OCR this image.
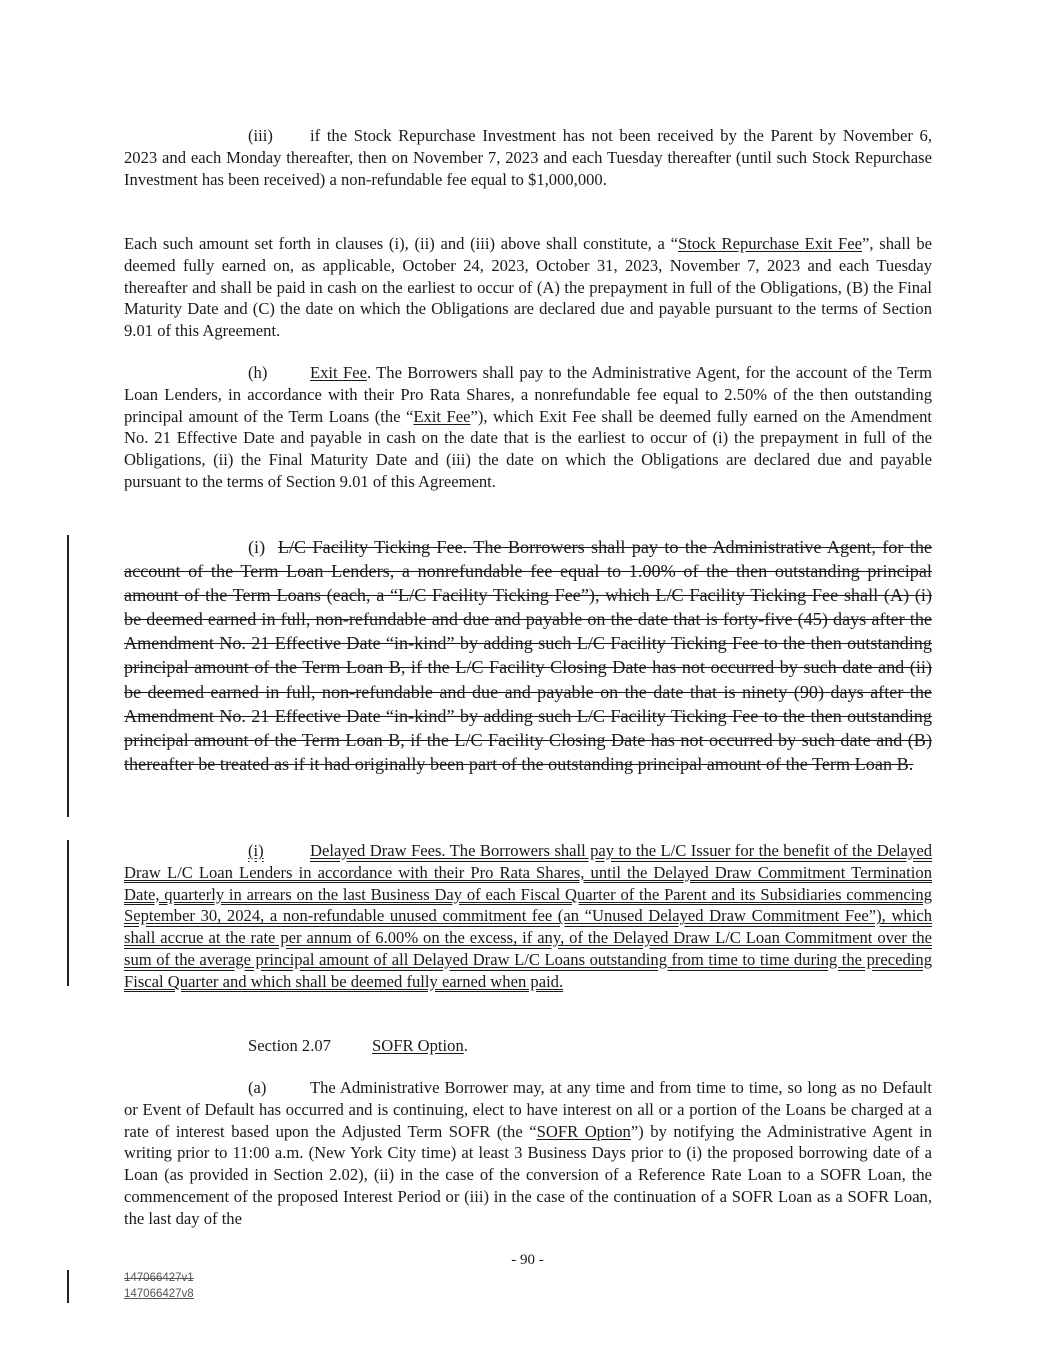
(iii) if the Stock Repurchase Investment has not been received by the Parent by November 6, 2023 and each Monday thereafter, then on November 7, 2023 and each Tuesday thereafter (until such Stock Repurchase Investment has been received) a non-refundable fee equal to $1,000,000.
Each such amount set forth in clauses (i), (ii) and (iii) above shall constitute, a “Stock Repurchase Exit Fee”, shall be deemed fully earned on, as applicable, October 24, 2023, October 31, 2023, November 7, 2023 and each Tuesday thereafter and shall be paid in cash on the earliest to occur of (A) the prepayment in full of the Obligations, (B) the Final Maturity Date and (C) the date on which the Obligations are declared due and payable pursuant to the terms of Section 9.01 of this Agreement.
(h)	Exit Fee. The Borrowers shall pay to the Administrative Agent, for the account of the Term Loan Lenders, in accordance with their Pro Rata Shares, a nonrefundable fee equal to 2.50% of the then outstanding principal amount of the Term Loans (the “Exit Fee”), which Exit Fee shall be deemed fully earned on the Amendment No. 21 Effective Date and payable in cash on the date that is the earliest to occur of (i) the prepayment in full of the Obligations, (ii) the Final Maturity Date and (iii) the date on which the Obligations are declared due and payable pursuant to the terms of Section 9.01 of this Agreement.
(i) L/C Facility Ticking Fee. The Borrowers shall pay to the Administrative Agent, for the account of the Term Loan Lenders, a nonrefundable fee equal to 1.00% of the then outstanding principal amount of the Term Loans (each, a “L/C Facility Ticking Fee”), which L/C Facility Ticking Fee shall (A) (i) be deemed earned in full, non-refundable and due and payable on the date that is forty-five (45) days after the Amendment No. 21 Effective Date “in-kind” by adding such L/C Facility Ticking Fee to the then outstanding principal amount of the Term Loan B, if the L/C Facility Closing Date has not occurred by such date and (ii) be deemed earned in full, non-refundable and due and payable on the date that is ninety (90) days after the Amendment No. 21 Effective Date “in-kind” by adding such L/C Facility Ticking Fee to the then outstanding principal amount of the Term Loan B, if the L/C Facility Closing Date has not occurred by such date and (B) thereafter be treated as if it had originally been part of the outstanding principal amount of the Term Loan B.
(i)	Delayed Draw Fees. The Borrowers shall pay to the L/C Issuer for the benefit of the Delayed Draw L/C Loan Lenders in accordance with their Pro Rata Shares, until the Delayed Draw Commitment Termination Date, quarterly in arrears on the last Business Day of each Fiscal Quarter of the Parent and its Subsidiaries commencing September 30, 2024, a non-refundable unused commitment fee (an “Unused Delayed Draw Commitment Fee”), which shall accrue at the rate per annum of 6.00% on the excess, if any, of the Delayed Draw L/C Loan Commitment over the sum of the average principal amount of all Delayed Draw L/C Loans outstanding from time to time during the preceding Fiscal Quarter and which shall be deemed fully earned when paid.
Section 2.07 SOFR Option.
(a)	The Administrative Borrower may, at any time and from time to time, so long as no Default or Event of Default has occurred and is continuing, elect to have interest on all or a portion of the Loans be charged at a rate of interest based upon the Adjusted Term SOFR (the “SOFR Option”) by notifying the Administrative Agent in writing prior to 11:00 a.m. (New York City time) at least 3 Business Days prior to (i) the proposed borrowing date of a Loan (as provided in Section 2.02), (ii) in the case of the conversion of a Reference Rate Loan to a SOFR Loan, the commencement of the proposed Interest Period or (iii) in the case of the continuation of a SOFR Loan as a SOFR Loan, the last day of the
- 90 -
147066427v1
147066427v8
